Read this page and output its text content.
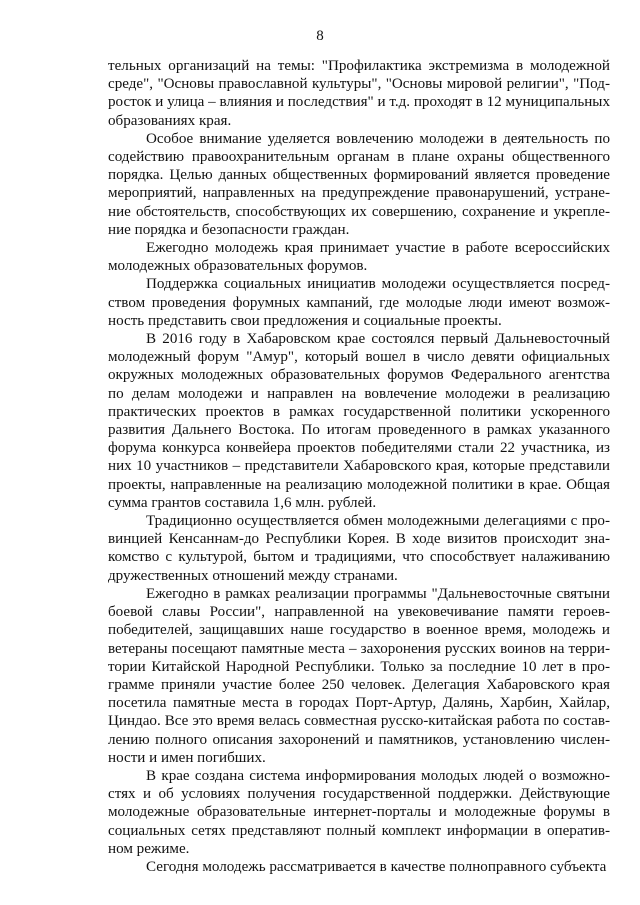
8

тельных организаций на темы: "Профилактика экстремизма в молодежной среде", "Основы православной культуры", "Основы мировой религии", "Подросток и улица – влияния и последствия" и т.д. проходят в 12 муниципальных образованиях края.

Особое внимание уделяется вовлечению молодежи в деятельность по содействию правоохранительным органам в плане охраны общественного порядка. Целью данных общественных формирований является проведение мероприятий, направленных на предупреждение правонарушений, устранение обстоятельств, способствующих их совершению, сохранение и укрепление порядка и безопасности граждан.

Ежегодно молодежь края принимает участие в работе всероссийских молодежных образовательных форумов.

Поддержка социальных инициатив молодежи осуществляется посредством проведения форумных кампаний, где молодые люди имеют возможность представить свои предложения и социальные проекты.

В 2016 году в Хабаровском крае состоялся первый Дальневосточный молодежный форум "Амур", который вошел в число девяти официальных окружных молодежных образовательных форумов Федерального агентства по делам молодежи и направлен на вовлечение молодежи в реализацию практических проектов в рамках государственной политики ускоренного развития Дальнего Востока. По итогам проведенного в рамках указанного форума конкурса конвейера проектов победителями стали 22 участника, из них 10 участников – представители Хабаровского края, которые представили проекты, направленные на реализацию молодежной политики в крае. Общая сумма грантов составила 1,6 млн. рублей.

Традиционно осуществляется обмен молодежными делегациями с провинцией Кенсаннам-до Республики Корея. В ходе визитов происходит знакомство с культурой, бытом и традициями, что способствует налаживанию дружественных отношений между странами.

Ежегодно в рамках реализации программы "Дальневосточные святыни боевой славы России", направленной на увековечивание памяти героев-победителей, защищавших наше государство в военное время, молодежь и ветераны посещают памятные места – захоронения русских воинов на территории Китайской Народной Республики. Только за последние 10 лет в программе приняли участие более 250 человек. Делегация Хабаровского края посетила памятные места в городах Порт-Артур, Далянь, Харбин, Хайлар, Циндао. Все это время велась совместная русско-китайская работа по составлению полного описания захоронений и памятников, установлению численности и имен погибших.

В крае создана система информирования молодых людей о возможностях и об условиях получения государственной поддержки. Действующие молодежные образовательные интернет-порталы и молодежные форумы в социальных сетях представляют полный комплект информации в оперативном режиме.

Сегодня молодежь рассматривается в качестве полноправного субъекта
